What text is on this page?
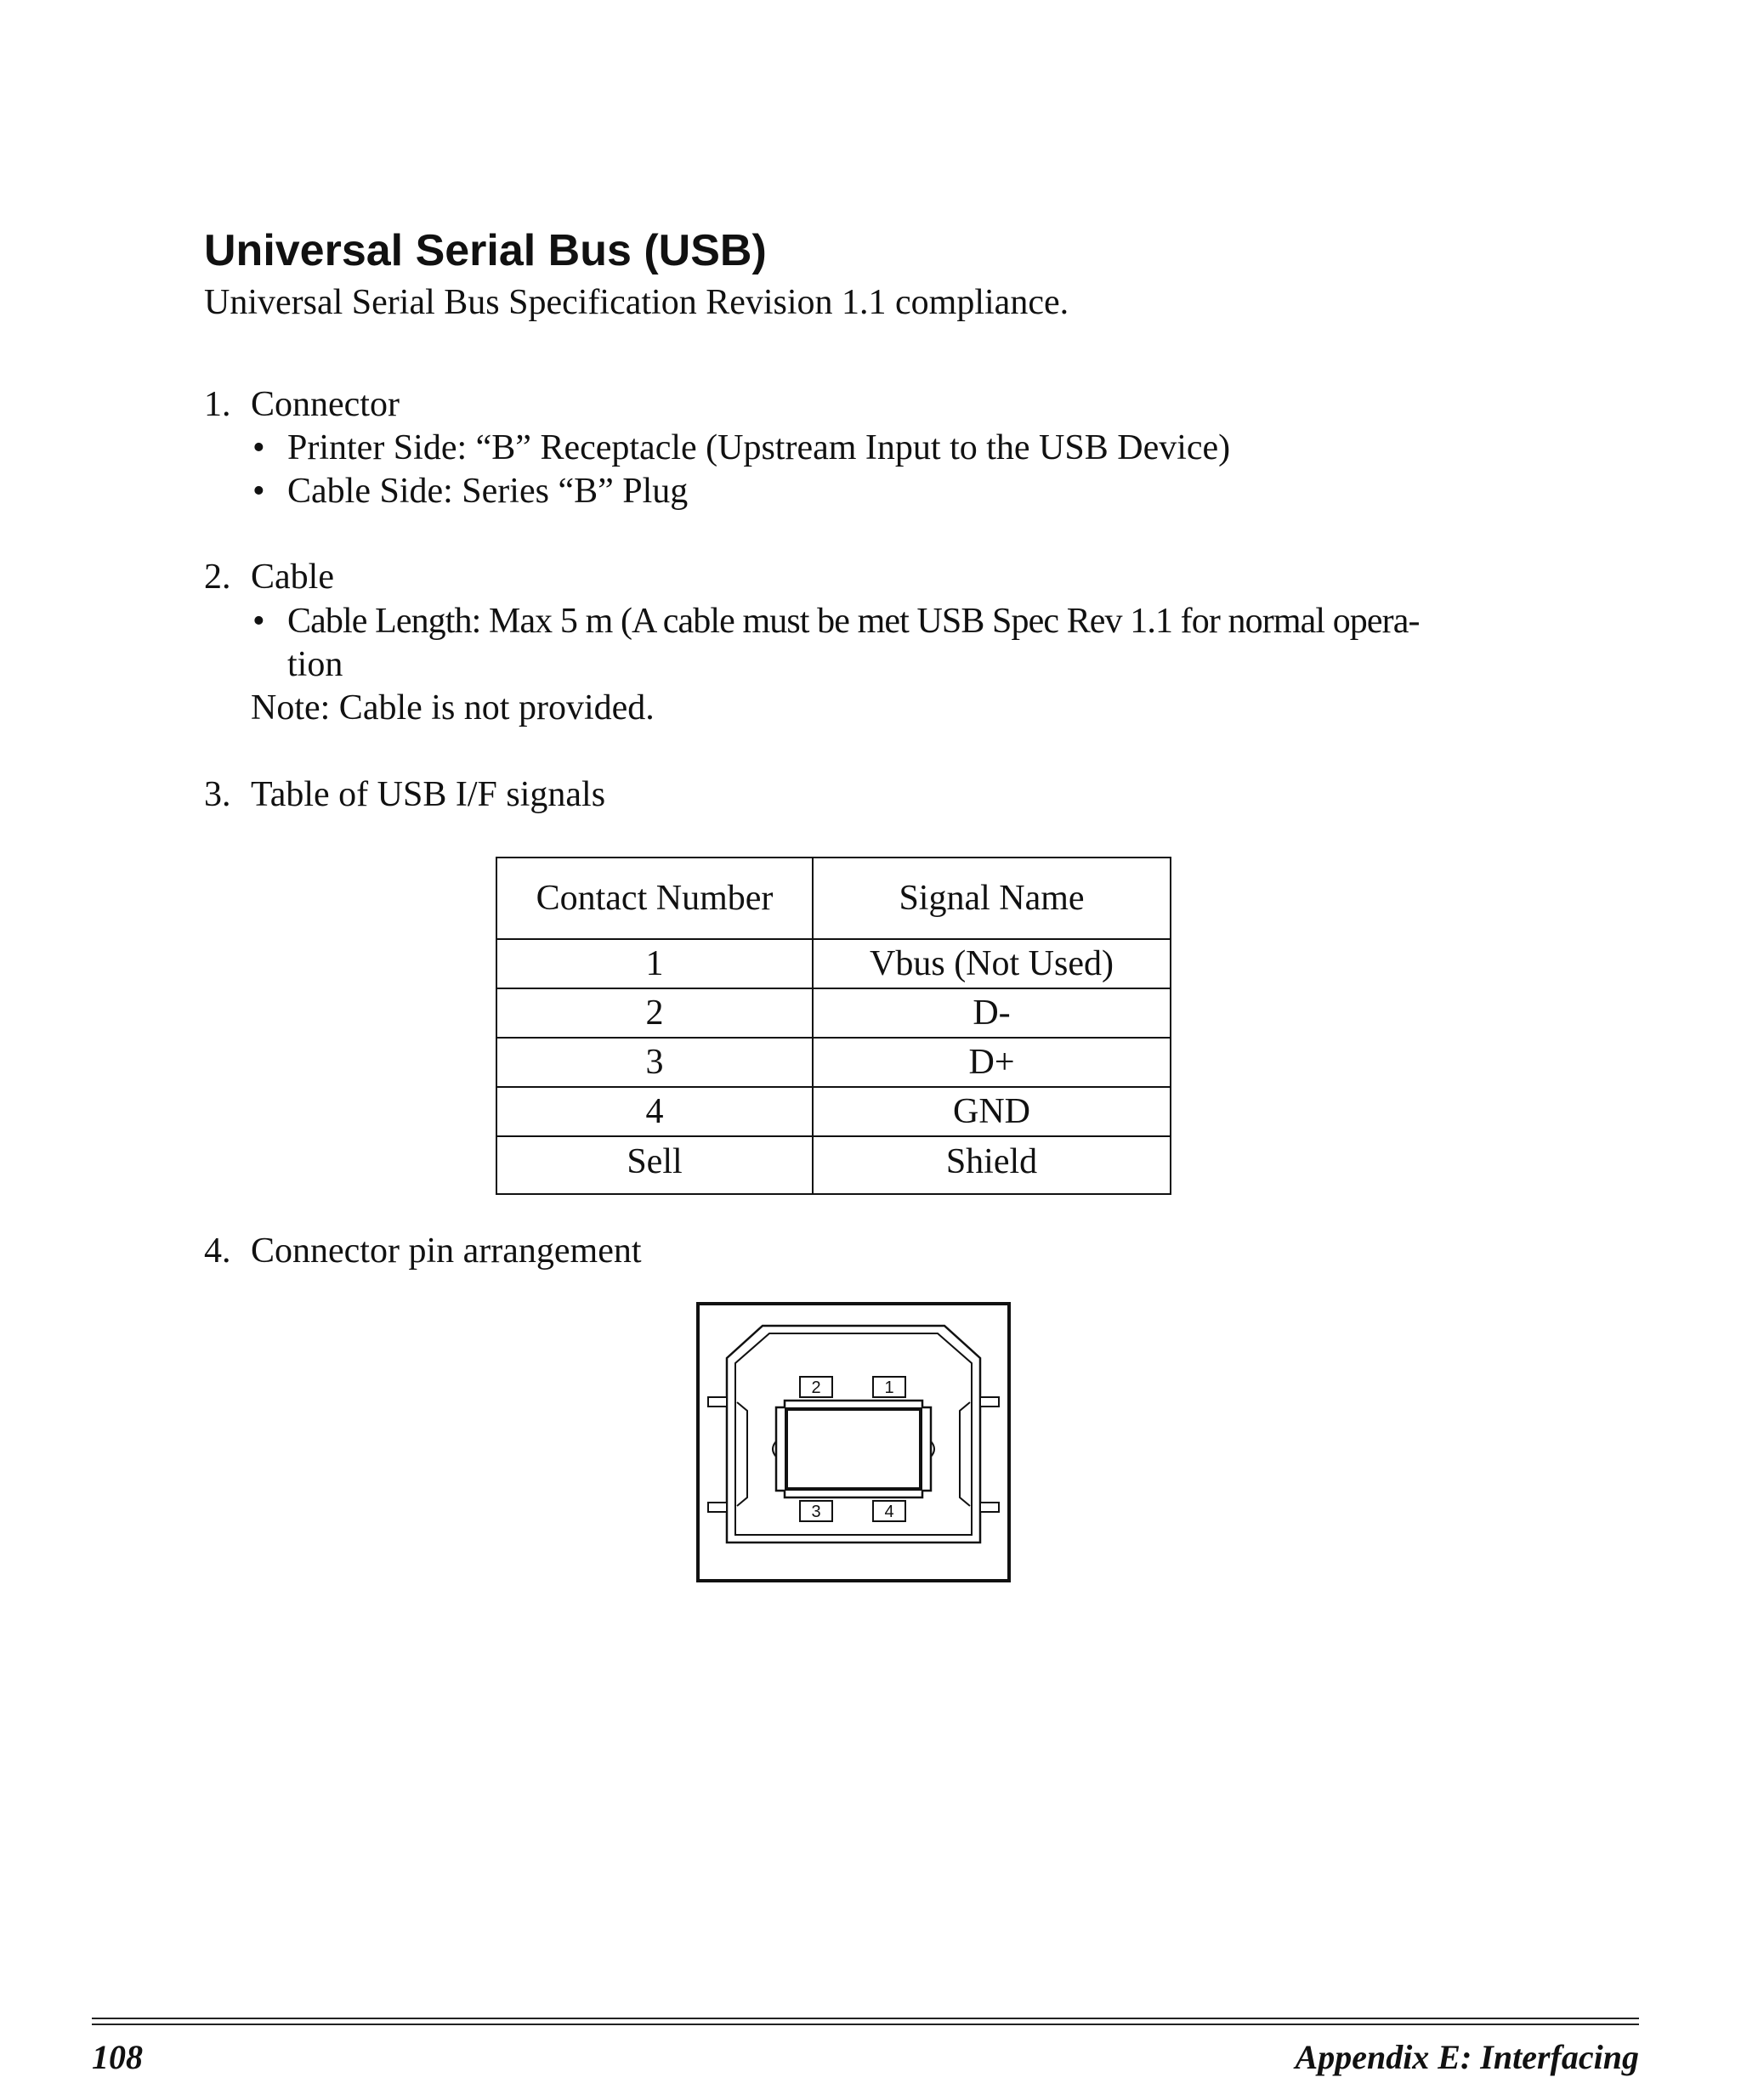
Universal Serial Bus (USB)
Universal Serial Bus Specification Revision 1.1 compliance.
1. Connector
• Printer Side: “B” Receptacle (Upstream Input to the USB Device)
• Cable Side: Series “B” Plug
2. Cable
• Cable Length: Max 5 m (A cable must be met USB Spec Rev 1.1 for normal opera-
tion
Note: Cable is not provided.
3. Table of USB I/F signals
Contact Number	Signal Name
1	Vbus (Not Used)
2	D-
3	D+
4	GND
Sell	Shield
4. Connector pin arrangement
2	1
3	4
108	Appendix E: Interfacing
